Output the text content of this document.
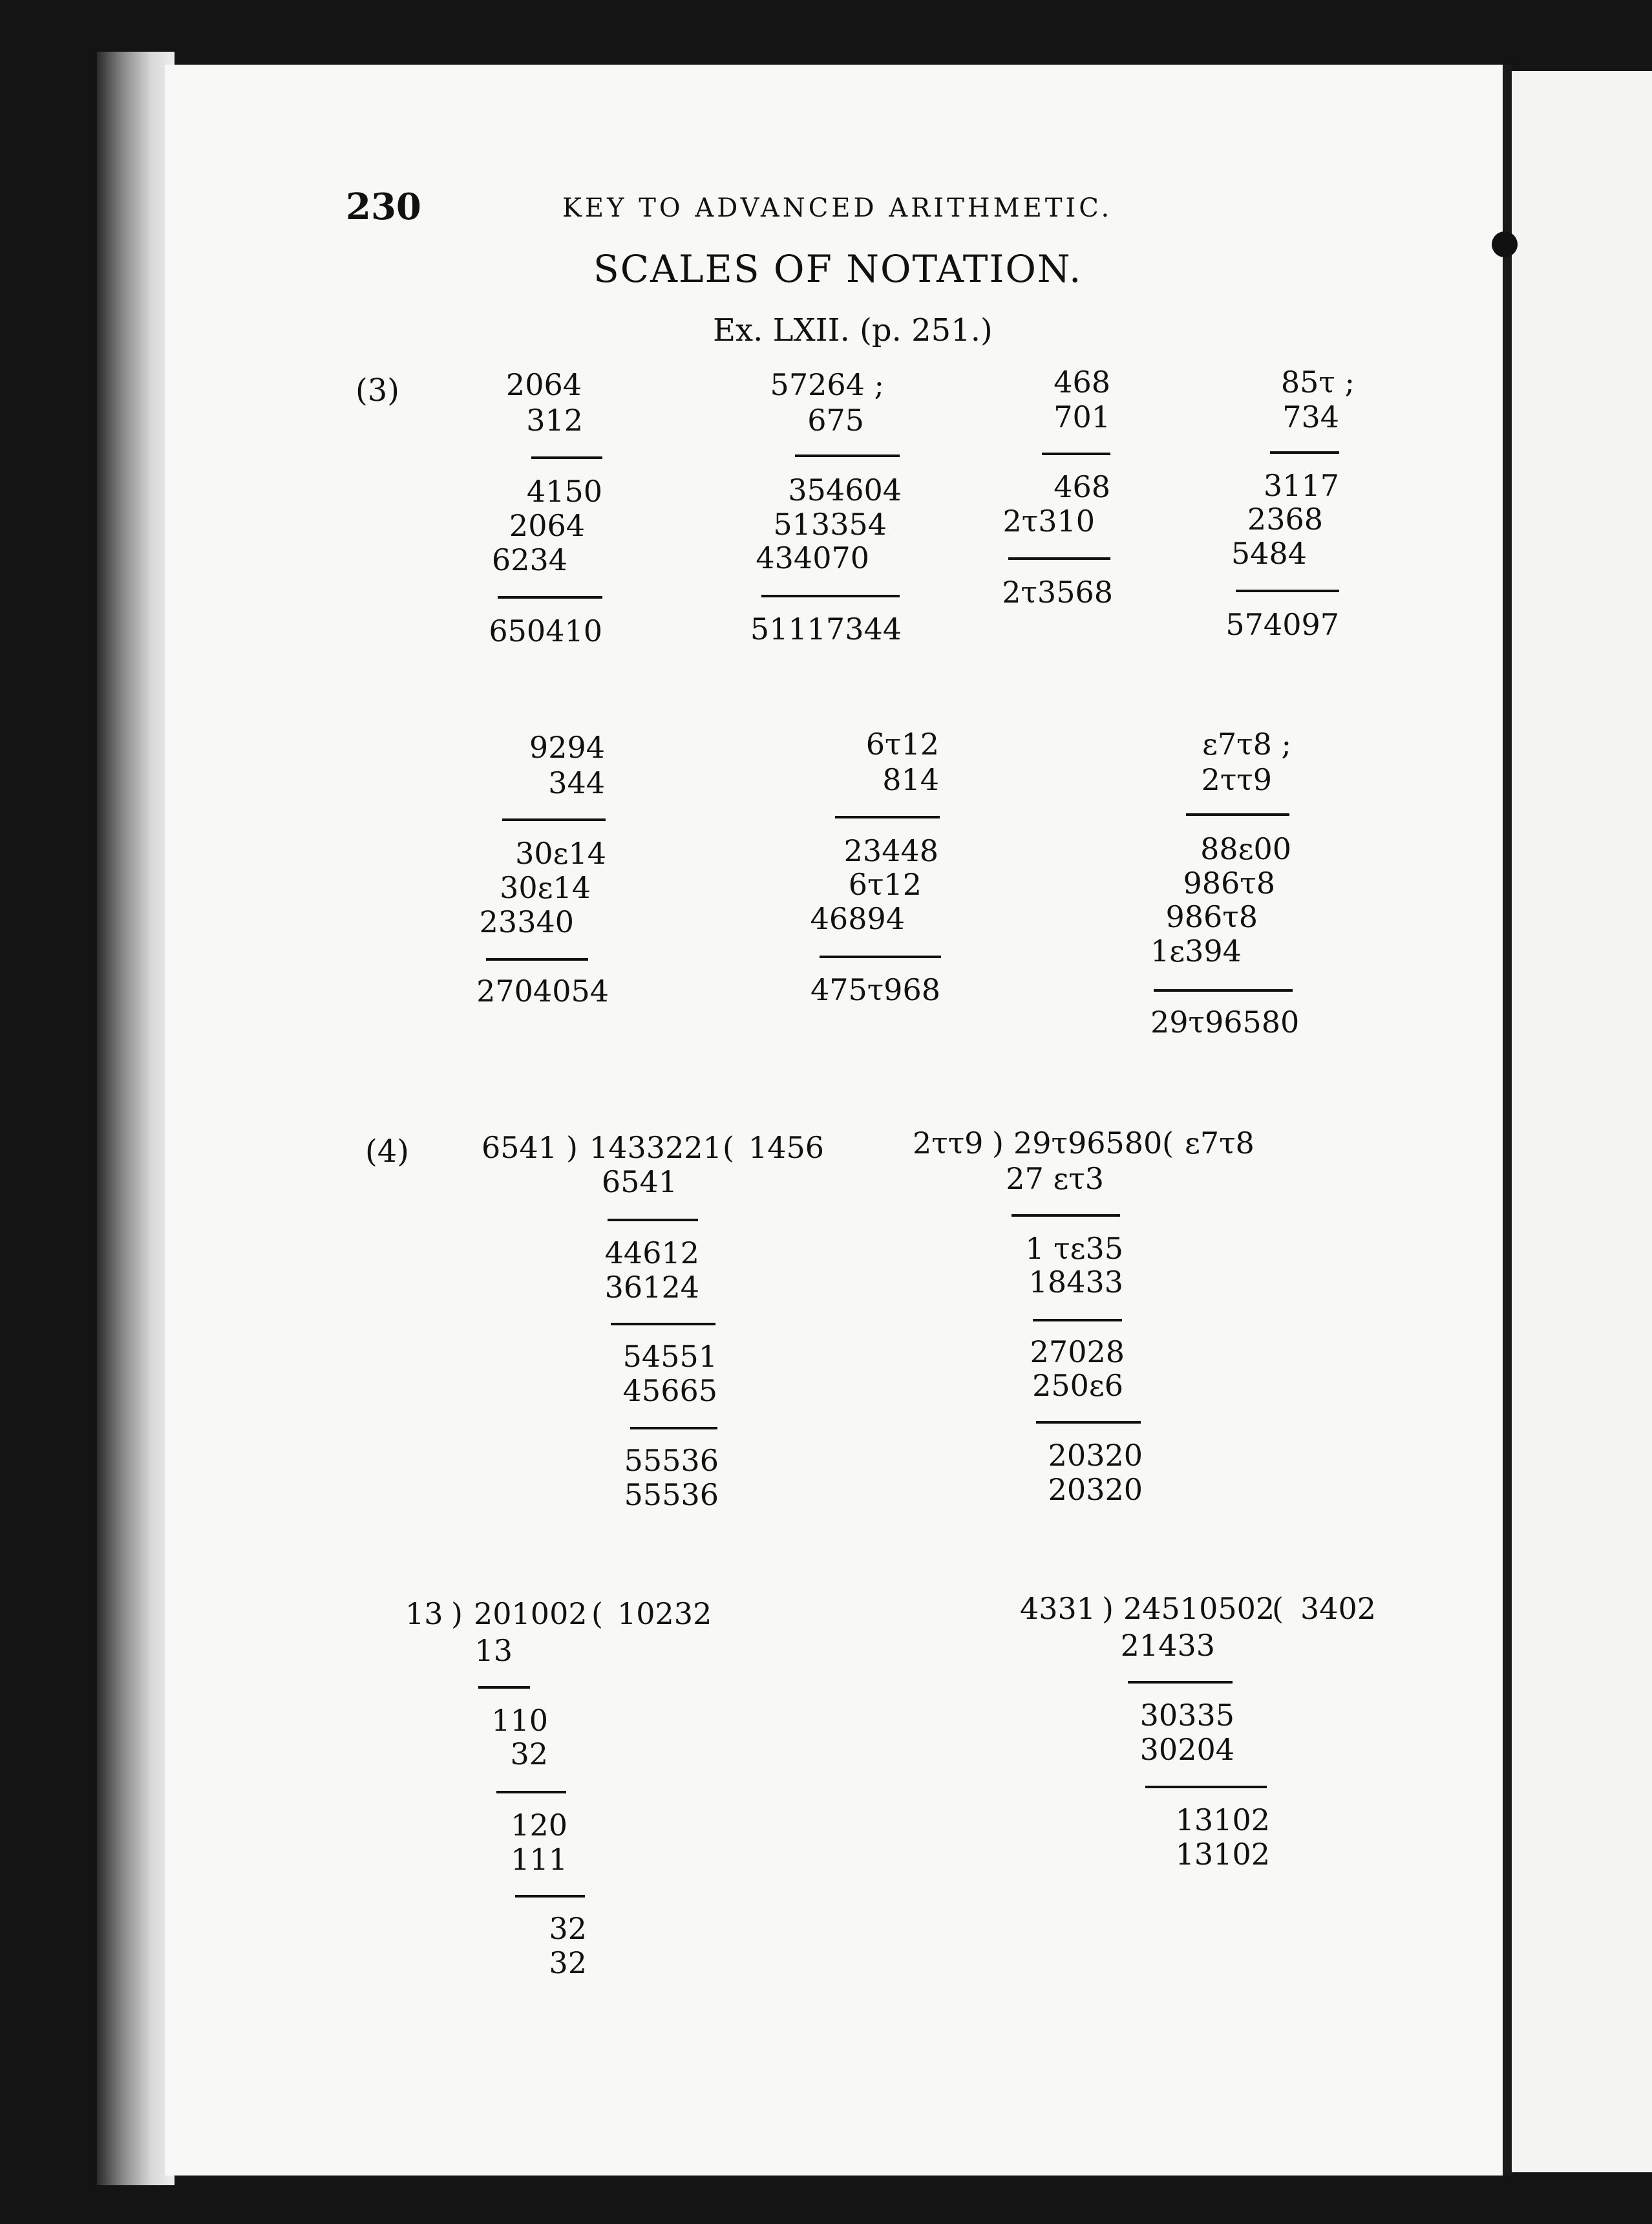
230	KEY TO ADVANCED ARITHMETIC.
SCALES OF NOTATION.
Ex. LXII. (p. 251.)
(3)	2064
312
4150
2064
6234
650410
57264 ;
675
354604
513354
434070
51117344
468
701
468
2τ310
2τ3568
85τ ;
734
3117
2368
5484
574097
9294
344
30ε14
30ε14
23340
2704054
6τ12
814
23448
6τ12
46894
475τ968
ε7τ8 ;
2ττ9
88ε00
986τ8
986τ8
1ε394
29τ96580
(4) 6541 ) 1433221 ( 1456
6541
44612
36124
54551
45665
55536
55536
2ττ9 ) 29τ96580 ( ε7τ8
27 ετ3
1 τε35
18433
27028
250ε6
20320
20320
13 ) 201002 ( 10232
13
110
32
120
111
32
32
4331 ) 24510502
( 3402
21433
30335
30204
13102
13102
